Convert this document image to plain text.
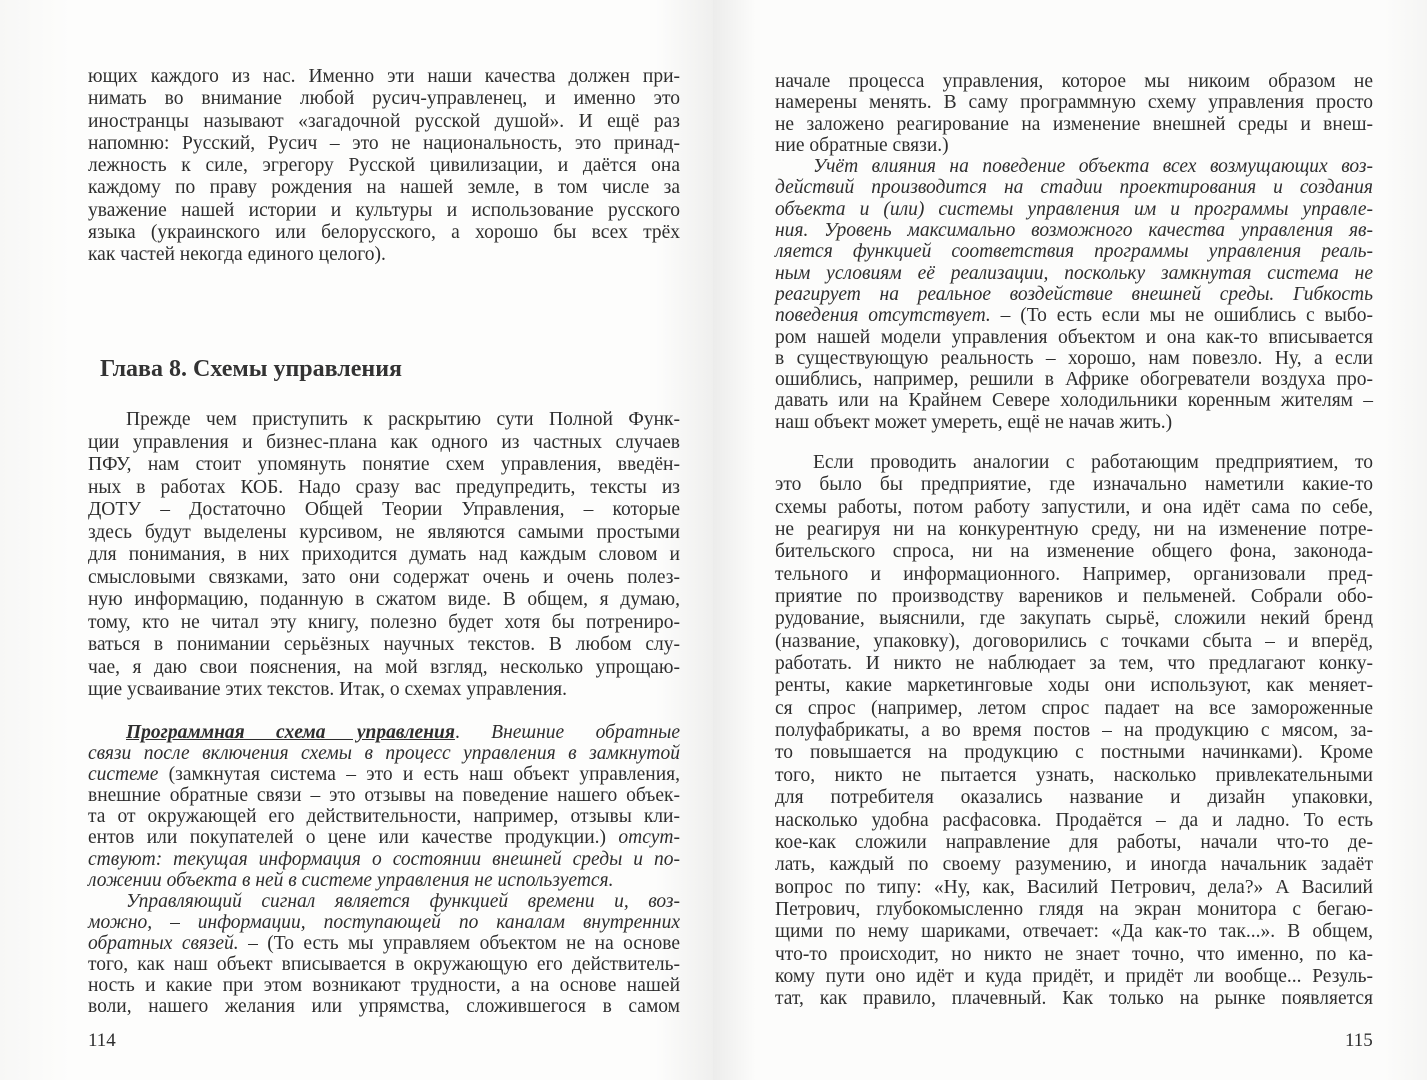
Глава 8. Схемы управления
114
ющих каждого из нас. Именно эти наши качества должен при-
нимать во внимание любой русич-управленец, и именно это
иностранцы называют «загадочной русской душой». И ещё раз
напомню: Русский, Русич – это не национальность, это принад-
лежность к силе, эгрегору Русской цивилизации, и даётся она
каждому по праву рождения на нашей земле, в том числе за
уважение нашей истории и культуры и использование русского
языка (украинского или белорусского, а хорошо бы всех трёх
как частей некогда единого целого).
Прежде чем приступить к раскрытию сути Полной Функ-
ции управления и бизнес-плана как одного из частных случаев
ПФУ, нам стоит упомянуть понятие схем управления, введён-
ных в работах КОБ. Надо сразу вас предупредить, тексты из
ДОТУ – Достаточно Общей Теории Управления, – которые
здесь будут выделены курсивом, не являются самыми простыми
для понимания, в них приходится думать над каждым словом и
смысловыми связками, зато они содержат очень и очень полез-
ную информацию, поданную в сжатом виде. В общем, я думаю,
тому, кто не читал эту книгу, полезно будет хотя бы потрениро-
ваться в понимании серьёзных научных текстов. В любом слу-
чае, я даю свои пояснения, на мой взгляд, несколько упрощаю-
щие усваивание этих текстов. Итак, о схемах управления.
Программная схема управления. Внешние обратные
связи после включения схемы в процесс управления в замкнутой
системе (замкнутая система – это и есть наш объект управления,
внешние обратные связи – это отзывы на поведение нашего объек-
та от окружающей его действительности, например, отзывы кли-
ентов или покупателей о цене или качестве продукции.) отсут-
ствуют: текущая информация о состоянии внешней среды и по-
ложении объекта в ней в системе управления не используется.
Управляющий сигнал является функцией времени и, воз-
можно, – информации, поступающей по каналам внутренних
обратных связей. – (То есть мы управляем объектом не на основе
того, как наш объект вписывается в окружающую его действитель-
ность и какие при этом возникают трудности, а на основе нашей
воли, нашего желания или упрямства, сложившегося в самом
115
начале процесса управления, которое мы никоим образом не
намерены менять. В саму программную схему управления просто
не заложено реагирование на изменение внешней среды и внеш-
ние обратные связи.)
Учёт влияния на поведение объекта всех возмущающих воз-
действий производится на стадии проектирования и создания
объекта и (или) системы управления им и программы управле-
ния. Уровень максимально возможного качества управления яв-
ляется функцией соответствия программы управления реаль-
ным условиям её реализации, поскольку замкнутая система не
реагирует на реальное воздействие внешней среды. Гибкость
поведения отсутствует. – (То есть если мы не ошиблись с выбо-
ром нашей модели управления объектом и она как-то вписывается
в существующую реальность – хорошо, нам повезло. Ну, а если
ошиблись, например, решили в Африке обогреватели воздуха про-
давать или на Крайнем Севере холодильники коренным жителям –
наш объект может умереть, ещё не начав жить.)
Если проводить аналогии с работающим предприятием, то
это было бы предприятие, где изначально наметили какие-то
схемы работы, потом работу запустили, и она идёт сама по себе,
не реагируя ни на конкурентную среду, ни на изменение потре-
бительского спроса, ни на изменение общего фона, законода-
тельного и информационного. Например, организовали пред-
приятие по производству вареников и пельменей. Собрали обо-
рудование, выяснили, где закупать сырьё, сложили некий бренд
(название, упаковку), договорились с точками сбыта – и вперёд,
работать. И никто не наблюдает за тем, что предлагают конку-
ренты, какие маркетинговые ходы они используют, как меняет-
ся спрос (например, летом спрос падает на все замороженные
полуфабрикаты, а во время постов – на продукцию с мясом, за-
то повышается на продукцию с постными начинками). Кроме
того, никто не пытается узнать, насколько привлекательными
для потребителя оказались название и дизайн упаковки,
насколько удобна расфасовка. Продаётся – да и ладно. То есть
кое-как сложили направление для работы, начали что-то де-
лать, каждый по своему разумению, и иногда начальник задаёт
вопрос по типу: «Ну, как, Василий Петрович, дела?» А Василий
Петрович, глубокомысленно глядя на экран монитора с бегаю-
щими по нему шариками, отвечает: «Да как-то так...». В общем,
что-то происходит, но никто не знает точно, что именно, по ка-
кому пути оно идёт и куда придёт, и придёт ли вообще... Резуль-
тат, как правило, плачевный. Как только на рынке появляется
